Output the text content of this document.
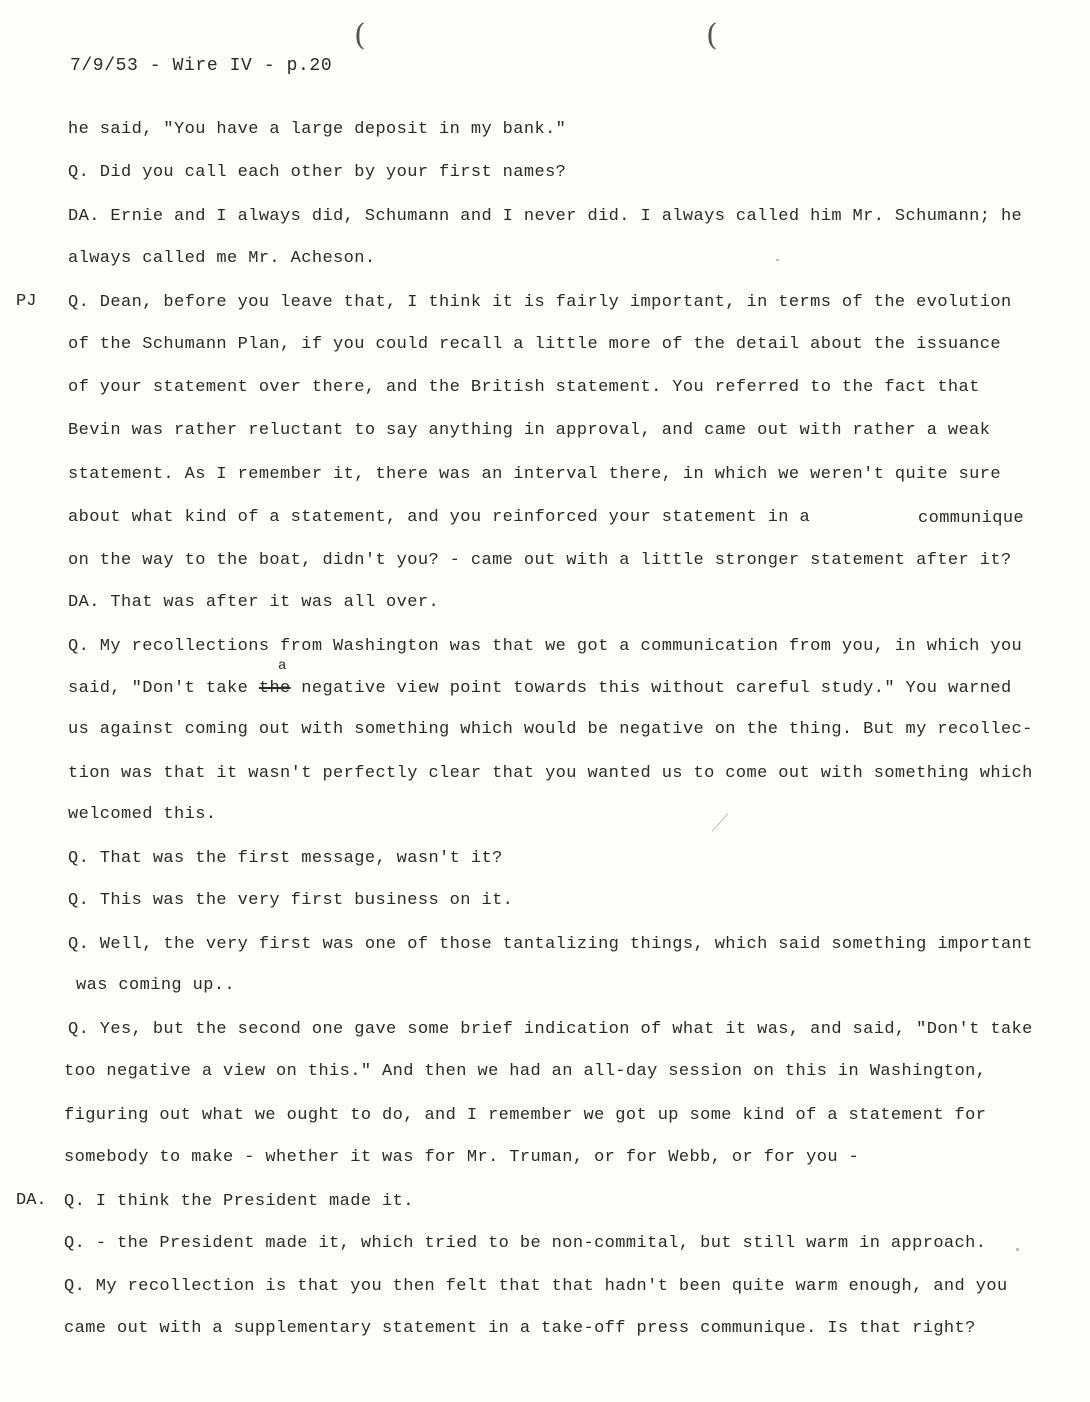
(	(
7/9/53 - Wire IV - p.20
PJ
DA.
he said, "You have a large deposit in my bank."
Q. Did you call each other by your first names?
DA. Ernie and I always did, Schumann and I never did. I always called him Mr. Schumann; he
always called me Mr. Acheson.
Q. Dean, before you leave that, I think it is fairly important, in terms of the evolution
of the Schumann Plan, if you could recall a little more of the detail about the issuance
of your statement over there, and the British statement. You referred to the fact that
Bevin was rather reluctant to say anything in approval, and came out with rather a weak
statement. As I remember it, there was an interval there, in which we weren't quite sure
about what kind of a statement, and you reinforced your statement in a	communique
on the way to the boat, didn't you? - came out with a little stronger statement after it?
DA. That was after it was all over.
Q. My recollections from Washington was that we got a communication from you, in which you
a
said, "Don't take the negative view point towards this without careful study." You warned
us against coming out with something which would be negative on the thing. But my recollec-
tion was that it wasn't perfectly clear that you wanted us to come out with something which
welcomed this.
Q. That was the first message, wasn't it?
Q. This was the very first business on it.
Q. Well, the very first was one of those tantalizing things, which said something important
was coming up..
Q. Yes, but the second one gave some brief indication of what it was, and said, "Don't take
too negative a view on this." And then we had an all-day session on this in Washington,
figuring out what we ought to do, and I remember we got up some kind of a statement for
somebody to make - whether it was for Mr. Truman, or for Webb, or for you -
Q. I think the President made it.
Q. - the President made it, which tried to be non-commital, but still warm in approach.
Q. My recollection is that you then felt that that hadn't been quite warm enough, and you
came out with a supplementary statement in a take-off press communique. Is that right?
